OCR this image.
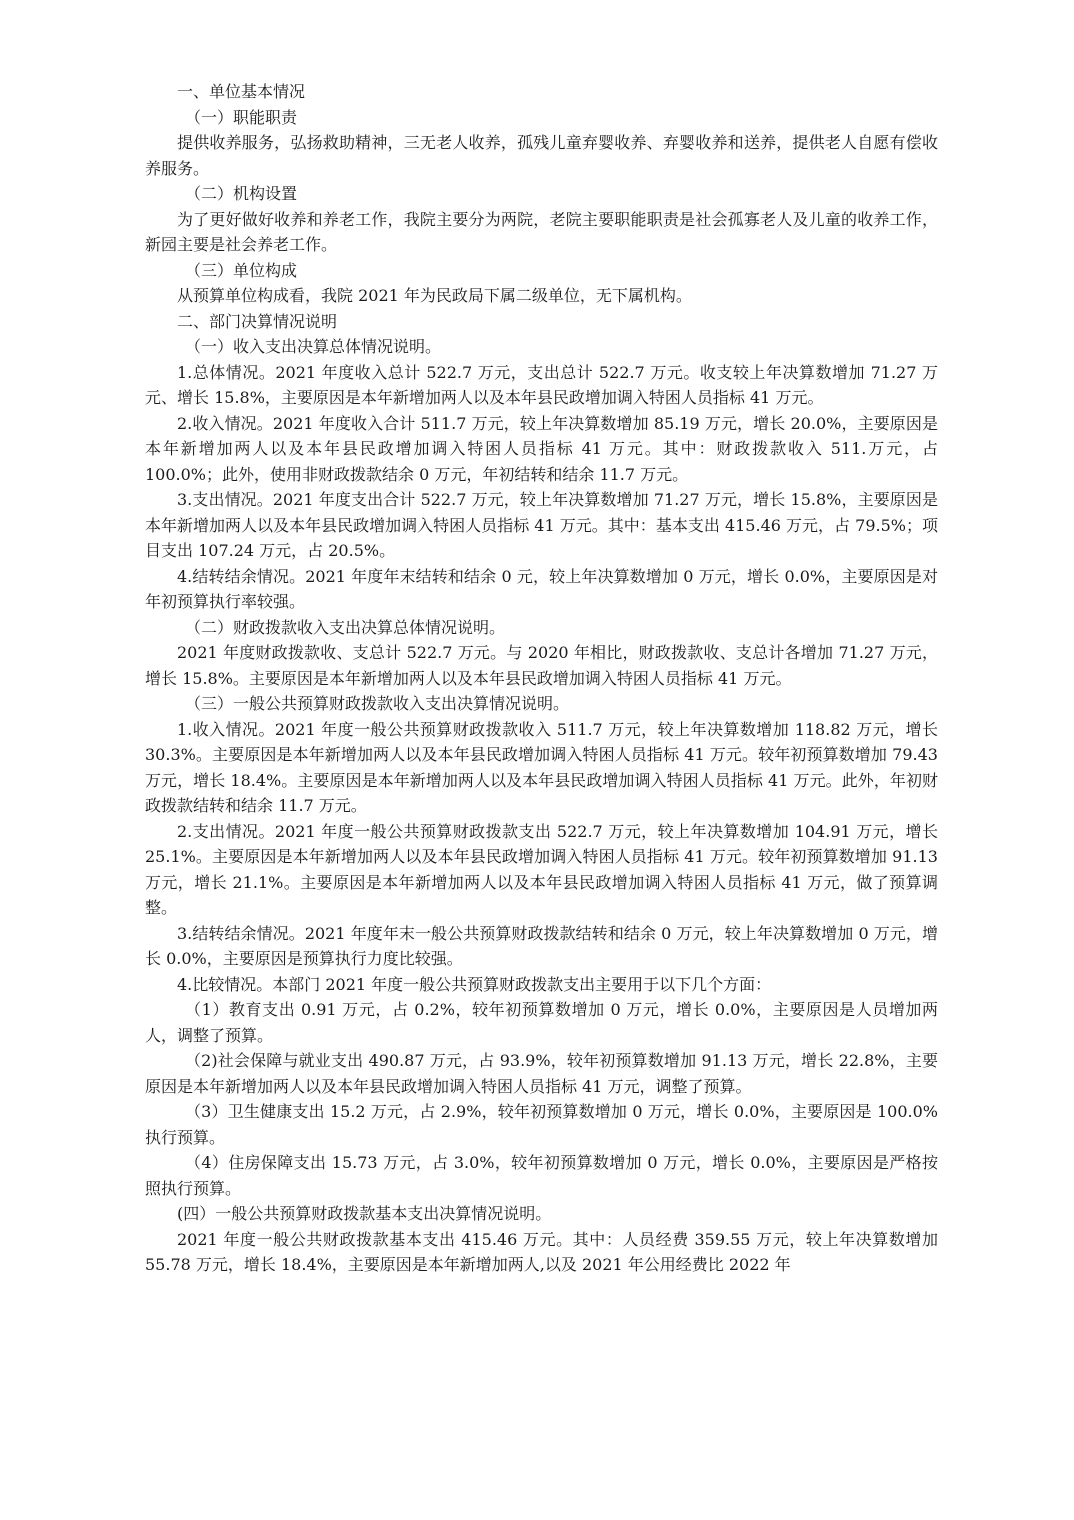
一、单位基本情况

（一）职能职责

提供收养服务，弘扬救助精神，三无老人收养，孤残儿童弃婴收养、弃婴收养和送养，提供老人自愿有偿收养服务。

（二）机构设置

为了更好做好收养和养老工作，我院主要分为两院，老院主要职能职责是社会孤寡老人及儿童的收养工作，新园主要是社会养老工作。

（三）单位构成

从预算单位构成看，我院 2021 年为民政局下属二级单位，无下属机构。

二、部门决算情况说明

（一）收入支出决算总体情况说明。

1.总体情况。2021 年度收入总计 522.7 万元，支出总计 522.7 万元。收支较上年决算数增加 71.27 万元、增长 15.8%，主要原因是本年新增加两人以及本年县民政增加调入特困人员指标 41 万元。

2.收入情况。2021 年度收入合计 511.7 万元，较上年决算数增加 85.19 万元，增长 20.0%，主要原因是本年新增加两人以及本年县民政增加调入特困人员指标 41 万元。其中：财政拨款收入 511.万元，占 100.0%；此外，使用非财政拨款结余 0 万元，年初结转和结余 11.7 万元。

3.支出情况。2021 年度支出合计 522.7 万元，较上年决算数增加 71.27 万元，增长 15.8%，主要原因是本年新增加两人以及本年县民政增加调入特困人员指标 41 万元。其中：基本支出 415.46 万元，占 79.5%；项目支出 107.24 万元，占 20.5%。

4.结转结余情况。2021 年度年末结转和结余 0 元，较上年决算数增加 0 万元，增长 0.0%，主要原因是对年初预算执行率较强。

（二）财政拨款收入支出决算总体情况说明。

2021 年度财政拨款收、支总计 522.7 万元。与 2020 年相比，财政拨款收、支总计各增加 71.27 万元，增长 15.8%。主要原因是本年新增加两人以及本年县民政增加调入特困人员指标 41 万元。

（三）一般公共预算财政拨款收入支出决算情况说明。

1.收入情况。2021 年度一般公共预算财政拨款收入 511.7 万元，较上年决算数增加 118.82 万元，增长 30.3%。主要原因是本年新增加两人以及本年县民政增加调入特困人员指标 41 万元。较年初预算数增加 79.43 万元，增长 18.4%。主要原因是本年新增加两人以及本年县民政增加调入特困人员指标 41 万元。此外，年初财政拨款结转和结余 11.7 万元。

2.支出情况。2021 年度一般公共预算财政拨款支出 522.7 万元，较上年决算数增加 104.91 万元，增长 25.1%。主要原因是本年新增加两人以及本年县民政增加调入特困人员指标 41 万元。较年初预算数增加 91.13 万元，增长 21.1%。主要原因是本年新增加两人以及本年县民政增加调入特困人员指标 41 万元，做了预算调整。

3.结转结余情况。2021 年度年末一般公共预算财政拨款结转和结余 0 万元，较上年决算数增加 0 万元，增长 0.0%，主要原因是预算执行力度比较强。

4.比较情况。本部门 2021 年度一般公共预算财政拨款支出主要用于以下几个方面：

（1）教育支出 0.91 万元，占 0.2%，较年初预算数增加 0 万元，增长 0.0%，主要原因是人员增加两人，调整了预算。

（2)社会保障与就业支出 490.87 万元，占 93.9%，较年初预算数增加 91.13 万元，增长 22.8%，主要原因是本年新增加两人以及本年县民政增加调入特困人员指标 41 万元，调整了预算。

（3）卫生健康支出 15.2 万元，占 2.9%，较年初预算数增加 0 万元，增长 0.0%，主要原因是 100.0%执行预算。

（4）住房保障支出 15.73 万元，占 3.0%，较年初预算数增加 0 万元，增长 0.0%，主要原因是严格按照执行预算。

(四）一般公共预算财政拨款基本支出决算情况说明。

2021 年度一般公共财政拨款基本支出 415.46 万元。其中：人员经费 359.55 万元，较上年决算数增加 55.78 万元，增长 18.4%，主要原因是本年新增加两人,以及 2021 年公用经费比 2022 年
